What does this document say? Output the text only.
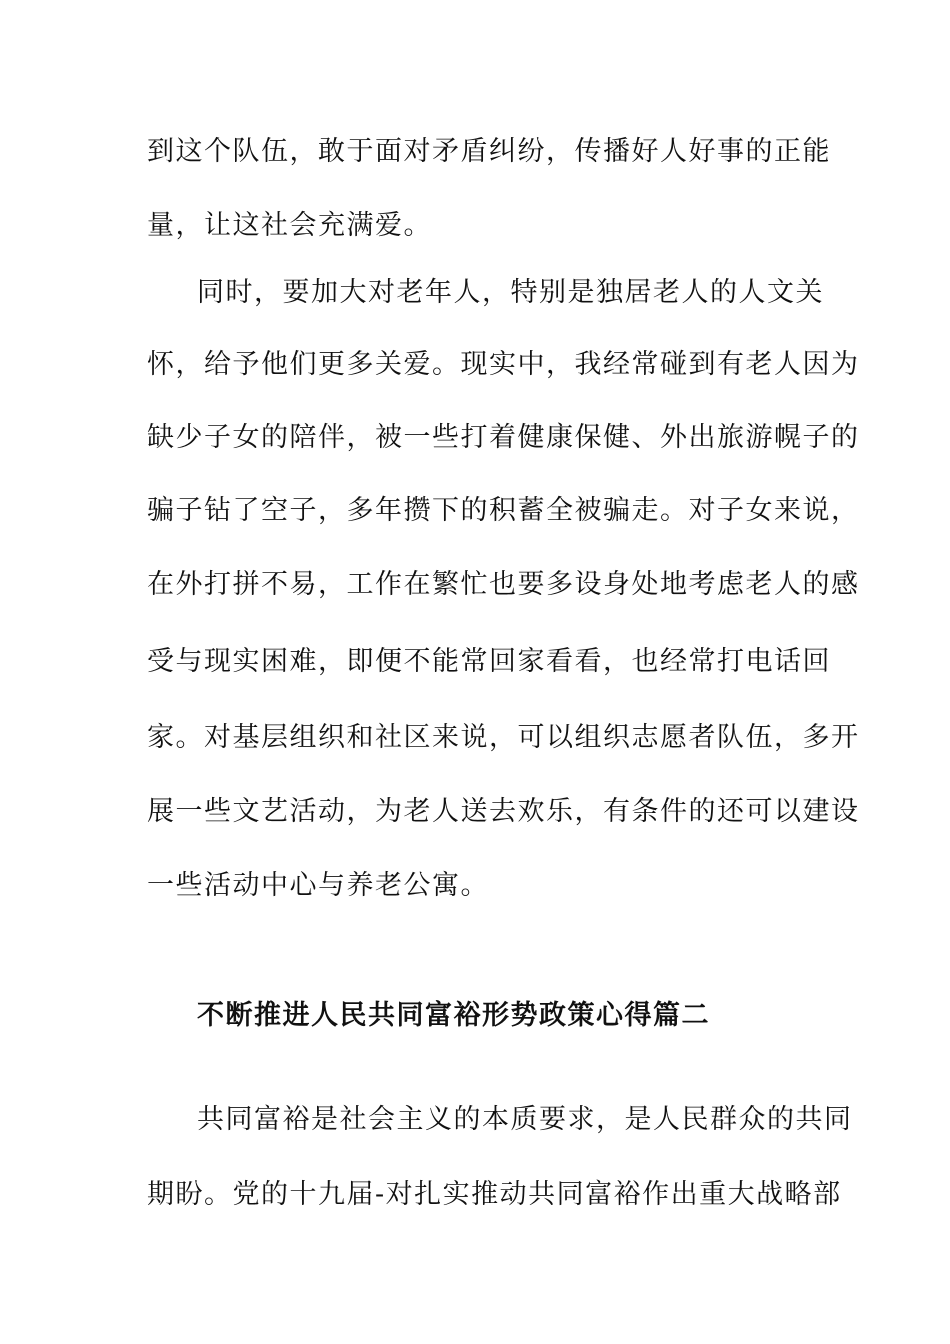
到这个队伍，敢于面对矛盾纠纷，传播好人好事的正能
量，让这社会充满爱。
同时，要加大对老年人，特别是独居老人的人文关
怀，给予他们更多关爱。现实中，我经常碰到有老人因为
缺少子女的陪伴，被一些打着健康保健、外出旅游幌子的
骗子钻了空子，多年攒下的积蓄全被骗走。对子女来说，
在外打拼不易，工作在繁忙也要多设身处地考虑老人的感
受与现实困难，即便不能常回家看看，也经常打电话回
家。对基层组织和社区来说，可以组织志愿者队伍，多开
展一些文艺活动，为老人送去欢乐，有条件的还可以建设
一些活动中心与养老公寓。
不断推进人民共同富裕形势政策心得篇二
共同富裕是社会主义的本质要求，是人民群众的共同
期盼。党的十九届-对扎实推动共同富裕作出重大战略部
